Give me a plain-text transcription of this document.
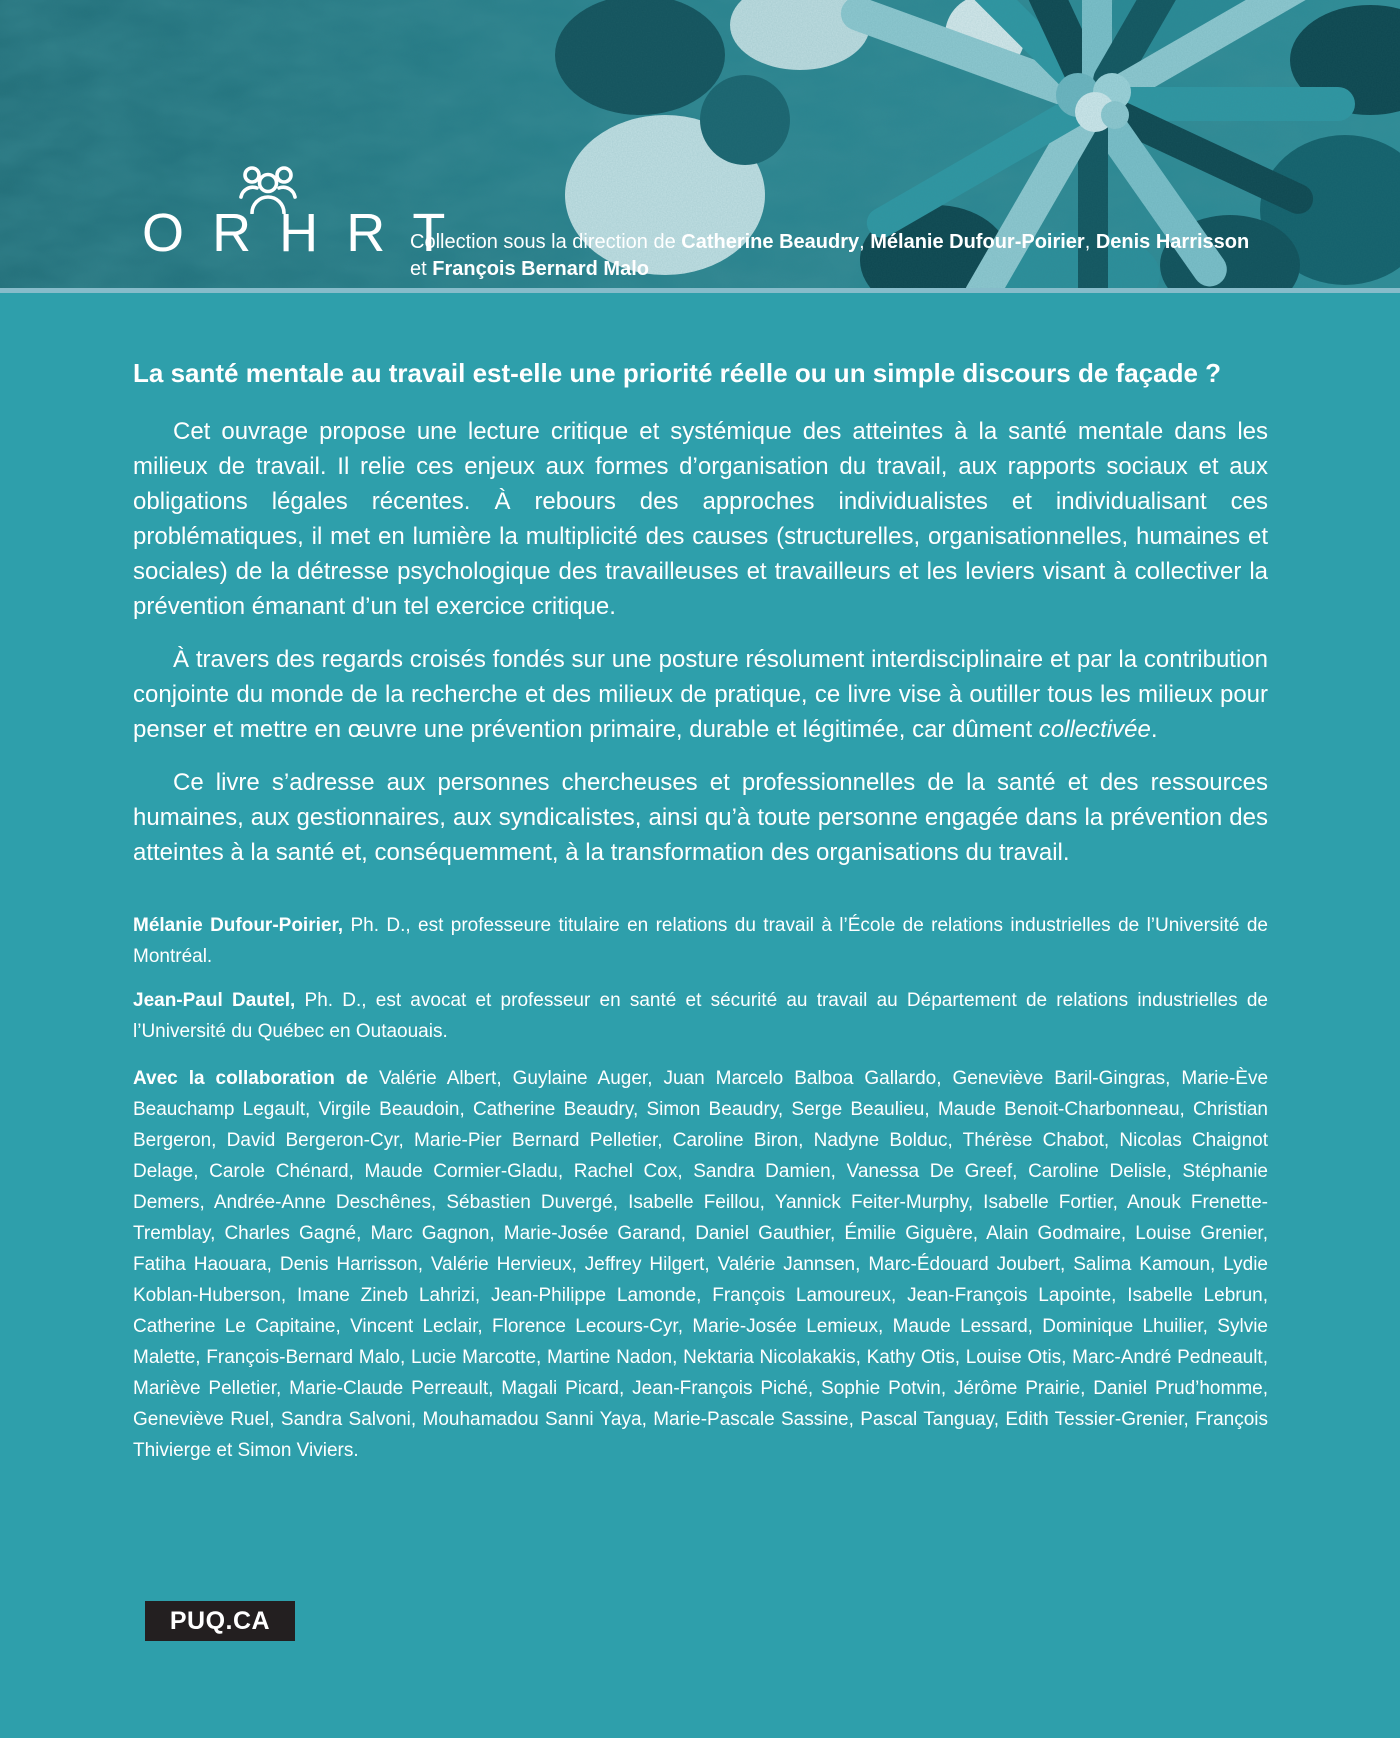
ORHRT
Collection sous la direction de Catherine Beaudry, Mélanie Dufour-Poirier, Denis Harrisson
et François Bernard Malo
La santé mentale au travail est-elle une priorité réelle ou un simple discours de façade ?

Cet ouvrage propose une lecture critique et systémique des atteintes à la santé mentale dans les milieux de travail. Il relie ces enjeux aux formes d’organisation du travail, aux rapports sociaux et aux obligations légales récentes. À rebours des approches individualistes et individualisant ces problématiques, il met en lumière la multiplicité des causes (structurelles, organisationnelles, humaines et sociales) de la détresse psychologique des travailleuses et travailleurs et les leviers visant à collectiver la prévention émanant d’un tel exercice critique.

À travers des regards croisés fondés sur une posture résolument interdisciplinaire et par la contribution conjointe du monde de la recherche et des milieux de pratique, ce livre vise à outiller tous les milieux pour penser et mettre en œuvre une prévention primaire, durable et légitimée, car dûment collectivée.

Ce livre s’adresse aux personnes chercheuses et professionnelles de la santé et des ressources humaines, aux gestionnaires, aux syndicalistes, ainsi qu’à toute personne engagée dans la prévention des atteintes à la santé et, conséquemment, à la transformation des organisations du travail.

Mélanie Dufour-Poirier, Ph. D., est professeure titulaire en relations du travail à l’École de relations industrielles de l’Université de Montréal.

Jean-Paul Dautel, Ph. D., est avocat et professeur en santé et sécurité au travail au Département de relations industrielles de l’Université du Québec en Outaouais.

Avec la collaboration de Valérie Albert, Guylaine Auger, Juan Marcelo Balboa Gallardo, Geneviève Baril-Gingras, Marie-Ève Beauchamp Legault, Virgile Beaudoin, Catherine Beaudry, Simon Beaudry, Serge Beaulieu, Maude Benoit-Charbonneau, Christian Bergeron, David Bergeron-Cyr, Marie-Pier Bernard Pelletier, Caroline Biron, Nadyne Bolduc, Thérèse Chabot, Nicolas Chaignot Delage, Carole Chénard, Maude Cormier-Gladu, Rachel Cox, Sandra Damien, Vanessa De Greef, Caroline Delisle, Stéphanie Demers, Andrée-Anne Deschênes, Sébastien Duvergé, Isabelle Feillou, Yannick Feiter-Murphy, Isabelle Fortier, Anouk Frenette-Tremblay, Charles Gagné, Marc Gagnon, Marie-Josée Garand, Daniel Gauthier, Émilie Giguère, Alain Godmaire, Louise Grenier, Fatiha Haouara, Denis Harrisson, Valérie Hervieux, Jeffrey Hilgert, Valérie Jannsen, Marc-Édouard Joubert, Salima Kamoun, Lydie Koblan-Huberson, Imane Zineb Lahrizi, Jean-Philippe Lamonde, François Lamoureux, Jean-François Lapointe, Isabelle Lebrun, Catherine Le Capitaine, Vincent Leclair, Florence Lecours-Cyr, Marie-Josée Lemieux, Maude Lessard, Dominique Lhuilier, Sylvie Malette, François-Bernard Malo, Lucie Marcotte, Martine Nadon, Nektaria Nicolakakis, Kathy Otis, Louise Otis, Marc-André Pedneault, Mariève Pelletier, Marie-Claude Perreault, Magali Picard, Jean-François Piché, Sophie Potvin, Jérôme Prairie, Daniel Prud’homme, Geneviève Ruel, Sandra Salvoni, Mouhamadou Sanni Yaya, Marie-Pascale Sassine, Pascal Tanguay, Edith Tessier-Grenier, François Thivierge et Simon Viviers.

PUQ.CA
